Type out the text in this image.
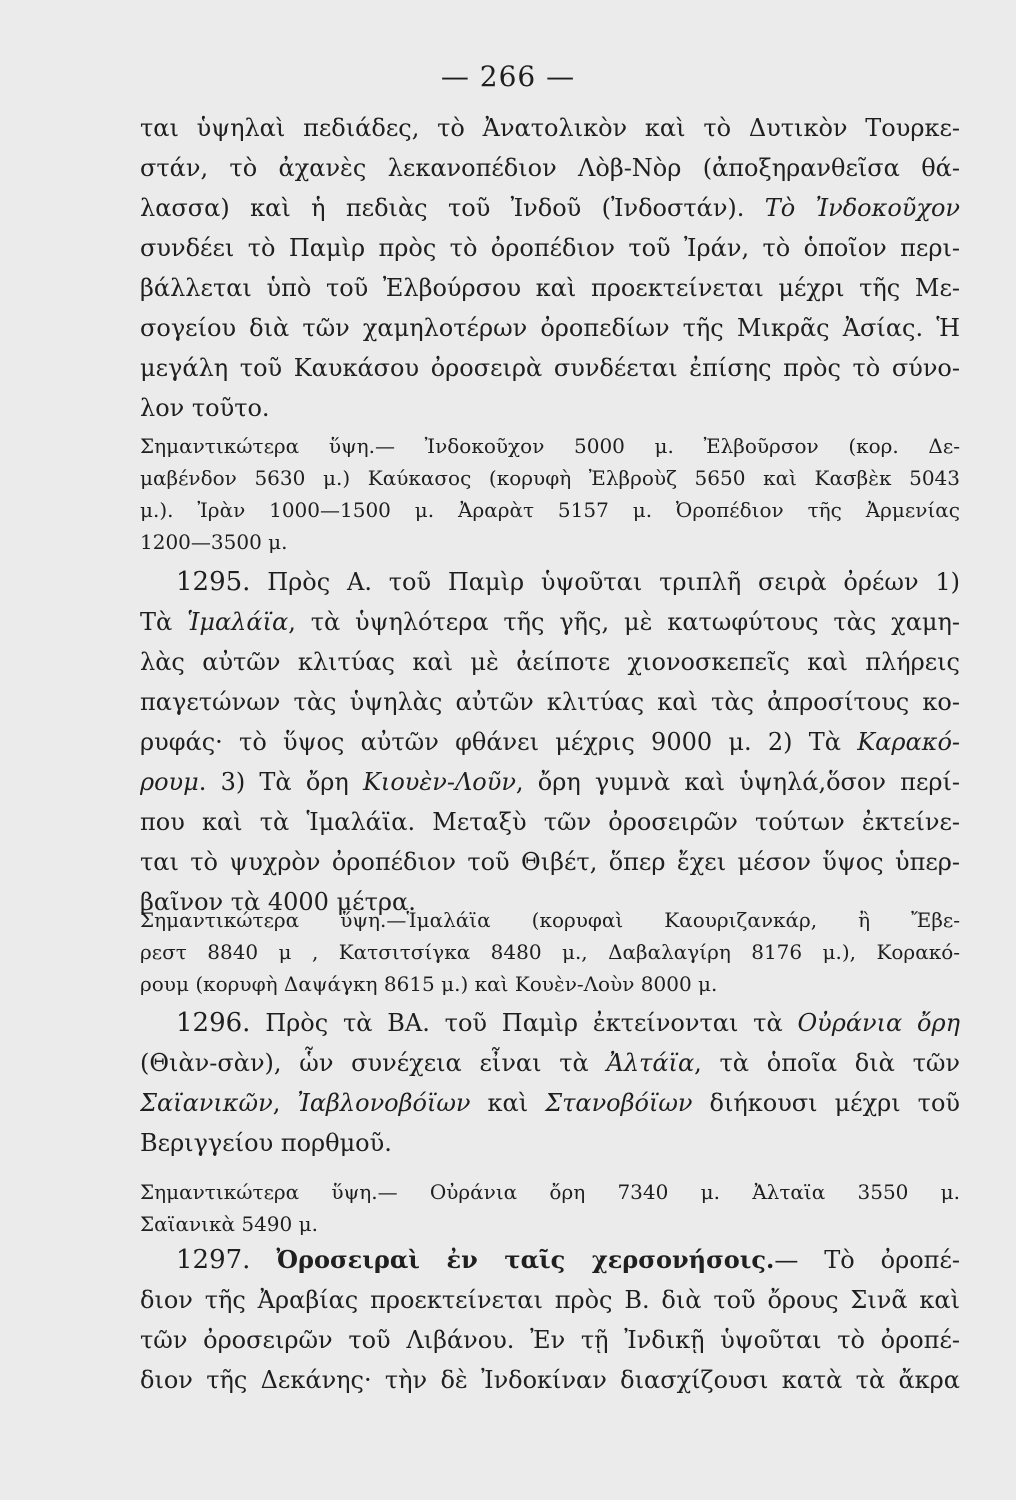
— 266 —
ται ὑψηλαὶ πεδιάδες, τὸ Ἀνατολικὸν καὶ τὸ Δυτικὸν Τουρκε-
στάν, τὸ ἀχανὲς λεκανοπέδιον Λὸβ-Νὸρ (ἀποξηρανθεῖσα θά-
λασσα) καὶ ἡ πεδιὰς τοῦ Ἰνδοῦ (Ἰνδοστάν). Τὸ Ἰνδοκοῦχον
συνδέει τὸ Παμὶρ πρὸς τὸ ὀροπέδιον τοῦ Ἰράν, τὸ ὁποῖον περι-
βάλλεται ὑπὸ τοῦ Ἐλβούρσου καὶ προεκτείνεται μέχρι τῆς Με-
σογείου διὰ τῶν χαμηλοτέρων ὀροπεδίων τῆς Μικρᾶς Ἀσίας. Ἡ
μεγάλη τοῦ Καυκάσου ὀροσειρὰ συνδέεται ἐπίσης πρὸς τὸ σύνο-
λον τοῦτο.
Σημαντικώτερα ὕψη.— Ἰνδοκοῦχον 5000 μ. Ἐλβοῦρσον (κορ. Δε-
μαβένδον 5630 μ.) Καύκασος (κορυφὴ Ἐλβροὺζ 5650 καὶ Κασβὲκ 5043
μ.). Ἰρὰν 1000—1500 μ. Ἀραρὰτ 5157 μ. Ὀροπέδιον τῆς Ἀρμενίας
1200—3500 μ.
1295. Πρὸς Α. τοῦ Παμὶρ ὑψοῦται τριπλῆ σειρὰ ὀρέων 1)
Τὰ Ἱμαλάϊα, τὰ ὑψηλότερα τῆς γῆς, μὲ κατωφύτους τὰς χαμη-
λὰς αὐτῶν κλιτύας καὶ μὲ ἀείποτε χιονοσκεπεῖς καὶ πλήρεις
παγετώνων τὰς ὑψηλὰς αὐτῶν κλιτύας καὶ τὰς ἀπροσίτους κο-
ρυφάς· τὸ ὕψος αὐτῶν φθάνει μέχρις 9000 μ. 2) Τὰ Καρακό-
ρουμ. 3) Τὰ ὄρη Κιουὲν-Λοῦν, ὄρη γυμνὰ καὶ ὑψηλά,ὅσον περί-
που καὶ τὰ Ἱμαλάϊα. Μεταξὺ τῶν ὀροσειρῶν τούτων ἐκτείνε-
ται τὸ ψυχρὸν ὀροπέδιον τοῦ Θιβέτ, ὅπερ ἔχει μέσον ὕψος ὑπερ-
βαῖνον τὰ 4000 μέτρα.
Σημαντικώτερα ὕψη.—Ἱμαλάϊα (κορυφαὶ Καουριζανκάρ, ἢ Ἔβε-
ρεστ 8840 μ , Κατσιτσίγκα 8480 μ., Δαβαλαγίρη 8176 μ.), Κορακό-
ρουμ (κορυφὴ Δαψάγκη 8615 μ.) καὶ Κουὲν-Λοὺν 8000 μ.
1296. Πρὸς τὰ ΒΑ. τοῦ Παμὶρ ἐκτείνονται τὰ Οὐράνια ὄρη
(Θιὰν-σὰν), ὧν συνέχεια εἶναι τὰ Ἀλτάϊα, τὰ ὁποῖα διὰ τῶν
Σαϊανικῶν, Ἰαβλονοβόϊων καὶ Στανοβόϊων διήκουσι μέχρι τοῦ
Βεριγγείου πορθμοῦ.
Σημαντικώτερα ὕψη.— Οὐράνια ὄρη 7340 μ. Ἀλταϊα 3550 μ.
Σαϊανικὰ 5490 μ.
1297. Ὀροσειραὶ ἐν ταῖς χερσονήσοις.— Τὸ ὀροπέ-
διον τῆς Ἀραβίας προεκτείνεται πρὸς Β. διὰ τοῦ ὄρους Σινᾶ καὶ
τῶν ὀροσειρῶν τοῦ Λιβάνου. Ἐν τῇ Ἰνδικῇ ὑψοῦται τὸ ὀροπέ-
διον τῆς Δεκάνης· τὴν δὲ Ἰνδοκίναν διασχίζουσι κατὰ τὰ ἄκρα
